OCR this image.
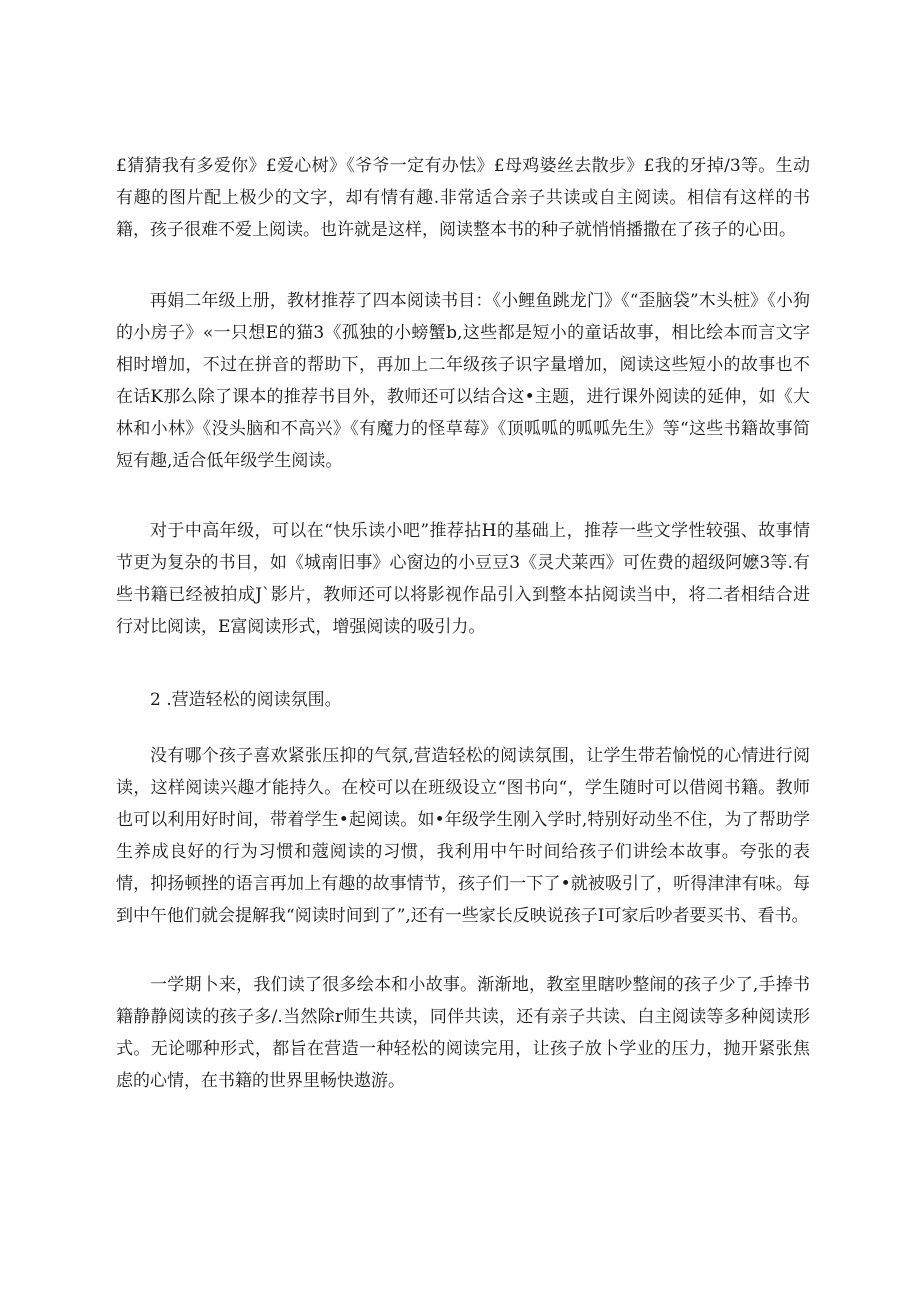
£猜猜我有多爱你》£爱心树》《爷爷一定有办怯》£母鸡婆丝去散步》£我的牙掉/3等。生动有趣的图片配上极少的文字，却有情有趣.非常适合亲子共读或自主阅读。相信有这样的书籍，孩子很难不爱上阅读。也许就是这样，阅读整本书的种子就悄悄播撒在了孩子的心田。

再娟二年级上册，教材推荐了四本阅读书目：《小鲤鱼跳龙门》《“歪脑袋”木头桩》《小狗的小房子》«一只想E的猫3《孤独的小螃蟹b,这些都是短小的童话故事，相比绘本而言文字相时增加，不过在拼音的帮助下，再加上二年级孩子识字量增加，阅读这些短小的故事也不在话K那么除了课本的推荐书目外，教师还可以结合这•主题，进行课外阅读的延伸，如《大林和小林》《没头脑和不高兴》《有魔力的怪草莓》《顶呱呱的呱呱先生》等“这些书籍故事简短有趣,适合低年级学生阅读。

对于中高年级，可以在“快乐读小吧”推荐拈H的基础上，推荐一些文学性较强、故事情节更为复杂的书目，如《城南旧事》心窗边的小豆豆3《灵犬莱西》可佐费的超级阿嬷3等.有些书籍已经被拍成J`影片，教师还可以将影视作品引入到整本拈阅读当中，将二者相结合进行对比阅读，E富阅读形式，增强阅读的吸引力。

2 .营造轻松的阅读氛围。

没有哪个孩子喜欢紧张压抑的气氛,营造轻松的阅读氛围，让学生带若愉悦的心情进行阅读，这样阅读兴趣才能持久。在校可以在班级设立“图书向“，学生随时可以借阅书籍。教师也可以利用好时间，带着学生•起阅读。如•年级学生刚入学时,特别好动坐不住，为了帮助学生养成良好的行为习惯和蔻阅读的习惯，我利用中午时间给孩子们讲绘本故事。夸张的表情，抑扬顿挫的语言再加上有趣的故事情节，孩子们一下了•就被吸引了，听得津津有味。每到中午他们就会提解我“阅读时间到了”,还有一些家长反映说孩子I可家后吵者要买书、看书。

一学期卜来，我们读了很多绘本和小故事。渐渐地，教室里瞎吵整闹的孩子少了,手捧书籍静静阅读的孩子多/.当然除r师生共读，同伴共读，还有亲子共读、白主阅读等多种阅读形式。无论哪种形式，都旨在营造一种轻松的阅读完用，让孩子放卜学业的压力，抛开紧张焦虑的心情，在书籍的世界里畅快遨游。
